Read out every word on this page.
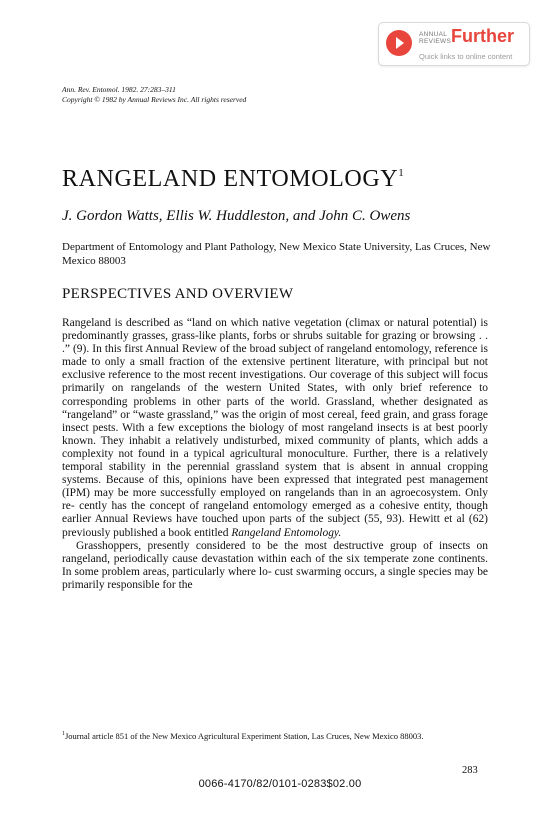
ANNUAL
REVIEWS Further
Quick links to online content
Ann. Rev. Entomol. 1982. 27:283–311
Copyright © 1982 by Annual Reviews Inc. All rights reserved
RANGELAND ENTOMOLOGY$^1$
J. Gordon Watts, Ellis W. Huddleston, and John C. Owens
Department of Entomology and Plant Pathology, New Mexico State University, Las Cruces, New Mexico 88003
PERSPECTIVES AND OVERVIEW

Rangeland is described as “land on which native vegetation (climax or natural potential) is predominantly grasses, grass-like plants, forbs or shrubs suitable for grazing or browsing . . .” (9). In this first Annual Review of the broad subject of rangeland entomology, reference is made to only a small fraction of the extensive pertinent literature, with principal but not exclusive reference to the most recent investigations. Our coverage of this subject will focus primarily on rangelands of the western United States, with only brief reference to corresponding problems in other parts of the world. Grassland, whether designated as “rangeland” or “waste grassland,” was the origin of most cereal, feed grain, and grass forage insect pests. With a few exceptions the biology of most rangeland insects is at best poorly known. They inhabit a relatively undisturbed, mixed community of plants, which adds a complexity not found in a typical agricultural monoculture. Further, there is a relatively temporal stability in the perennial grassland system that is absent in annual cropping systems. Because of this, opinions have been expressed that integrated pest management (IPM) may be more successfully employed on rangelands than in an agroecosystem. Only re- cently has the concept of rangeland entomology emerged as a cohesive entity, though earlier Annual Reviews have touched upon parts of the subject (55, 93). Hewitt et al (62) previously published a book entitled Rangeland Entomology.

Grasshoppers, presently considered to be the most destructive group of insects on rangeland, periodically cause devastation within each of the six temperate zone continents. In some problem areas, particularly where lo- cust swarming occurs, a single species may be primarily responsible for the

$^1$Journal article 851 of the New Mexico Agricultural Experiment Station, Las Cruces, New Mexico 88003.
283
0066-4170/82/0101-0283$02.00
